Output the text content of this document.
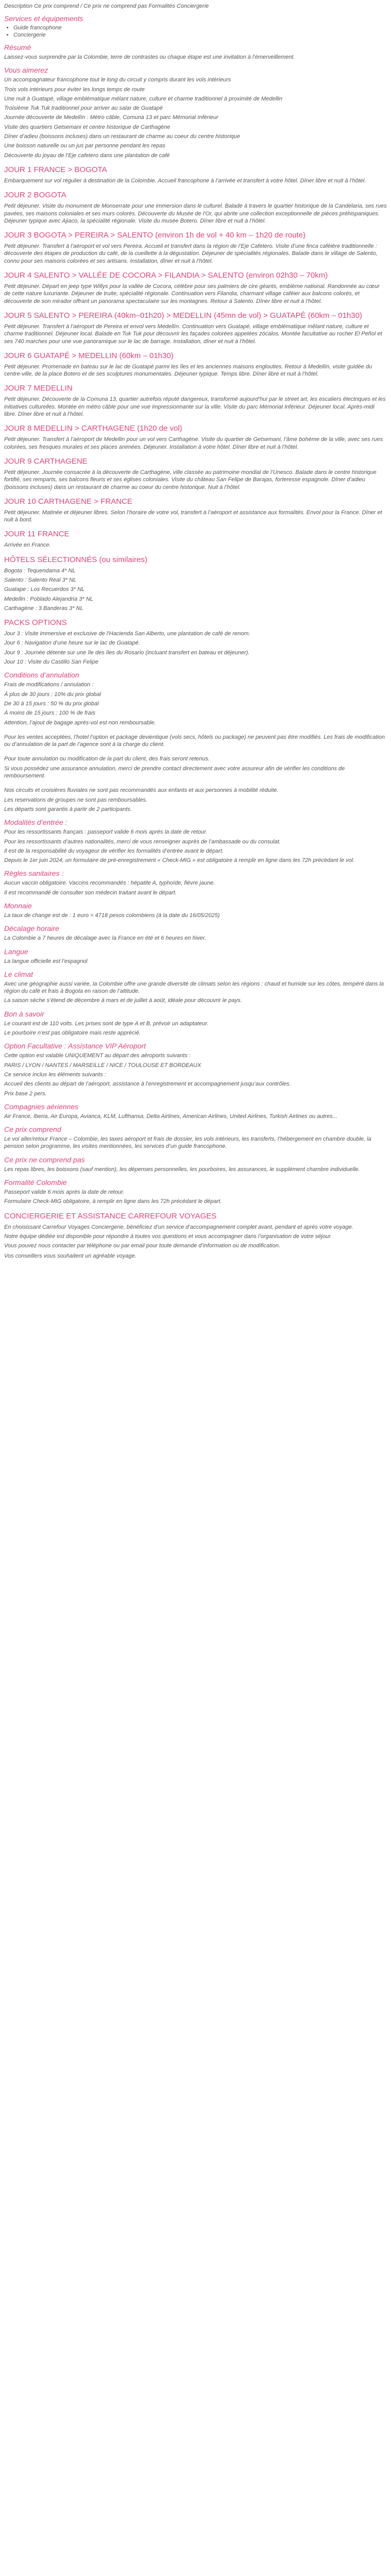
Description Ce prix comprend / Ce prix ne comprend pas Formalités Conciergerie
Services et équipements
• Guide francophone
• Conciergerie
Résumé
Laissez-vous surprendre par la Colombie, terre de contrastes ou chaque étape est une invitation à l’émerveillement.
Vous aimerez
Un accompagnateur francophone tout le long du circuit y compris durant les vols intérieurs
Trois vols intérieurs pour éviter les longs temps de route
Une nuit à Guatapé, village emblématique mélant nature, culture et charme traditionnel à proximité de Medellin
Troisième Tuk Tuk traditionnel pour arriver au salar de Guatapé
Journée découverte de Medellín : Métro câble, Comuna 13 et parc Mémorial Inférieur
Visite des quartiers Getsemani et centre historique de Carthagène
Dîner d’adieu (boissons incluses) dans un restaurant de charme au coeur du centre historique
Une boisson naturelle ou un jus par personne pendant les repas
Découverte du joyau de l’Eje cafetero dans une plantation de café
JOUR 1 FRANCE > BOGOTA
Embarquement sur vol régulier à destination de la Colombie. Accueil francophone à l’arrivée et transfert à votre hôtel. Dîner libre et nuit à l’hôtel.
JOUR 2 BOGOTA
Petit déjeuner. Visite du monument de Monserrate pour une immersion dans le culturel. Balade à travers le quartier historique de la Candelaria, ses rues pavées, ses maisons coloniales et ses murs colorés. Découverte du Musée de l’Or, qui abrite une collection exceptionnelle de pièces préhispaniques. Déjeuner typique avec Ajiaco, la spécialité régionale. Visite du musée Botero. Dîner libre et nuit à l’hôtel.
JOUR 3 BOGOTA > PEREIRA > SALENTO (environ 1h de vol + 40 km – 1h20 de route)
Petit déjeuner. Transfert à l’aéroport et vol vers Pereira. Accueil et transfert dans la région de l’Eje Cafetero. Visite d’une finca caféière traditionnelle : découverte des étapes de production du café, de la cueillette à la dégustation. Déjeuner de spécialités régionales. Balade dans le village de Salento, connu pour ses maisons colorées et ses artisans. Installation, dîner et nuit à l’hôtel.
JOUR 4 SALENTO > VALLÉE DE COCORA > FILANDIA > SALENTO (environ 02h30 – 70km)
Petit déjeuner. Départ en jeep type Willys pour la vallée de Cocora, célèbre pour ses palmiers de cire géants, emblème national. Randonnée au cœur de cette nature luxuriante. Déjeuner de truite, spécialité régionale. Continuation vers Filandia, charmant village caféier aux balcons colorés, et découverte de son mirador offrant un panorama spectaculaire sur les montagnes. Retour à Salento. Dîner libre et nuit à l’hôtel.
JOUR 5 SALENTO > PEREIRA (40km–01h20) > MEDELLIN (45mn de vol) > GUATAPÉ (60km – 01h30)
Petit déjeuner. Transfert à l’aéroport de Pereira et envol vers Medellín. Continuation vers Guatapé, village emblématique mêlant nature, culture et charme traditionnel. Déjeuner local. Balade en Tuk Tuk pour découvrir les façades colorées appelées zócalos. Montée facultative au rocher El Peñol et ses 740 marches pour une vue panoramique sur le lac de barrage. Installation, dîner et nuit à l’hôtel.
JOUR 6 GUATAPÉ > MEDELLIN (60km – 01h30)
Petit déjeuner. Promenade en bateau sur le lac de Guatapé parmi les îles et les anciennes maisons englouties. Retour à Medellín, visite guidée du centre-ville, de la place Botero et de ses sculptures monumentales. Déjeuner typique. Temps libre. Dîner libre et nuit à l’hôtel.
JOUR 7 MEDELLIN
Petit déjeuner. Découverte de la Comuna 13, quartier autrefois réputé dangereux, transformé aujourd’hui par le street art, les escaliers électriques et les initiatives culturelles. Montée en métro câble pour une vue impressionnante sur la ville. Visite du parc Mémorial Inférieur. Déjeuner local. Après-midi libre. Dîner libre et nuit à l’hôtel.
JOUR 8 MEDELLIN > CARTHAGENE (1h20 de vol)
Petit déjeuner. Transfert à l’aéroport de Medellin pour un vol vers Carthagène. Visite du quartier de Getsemani, l’âme bohème de la ville, avec ses rues colorées, ses fresques murales et ses places animées. Déjeuner. Installation à votre hôtel. Dîner libre et nuit à l’hôtel.
JOUR 9 CARTHAGENE
Petit déjeuner. Journée consacrée à la découverte de Carthagène, ville classée au patrimoine mondial de l’Unesco. Balade dans le centre historique fortifié, ses remparts, ses balcons fleuris et ses églises coloniales. Visite du château San Felipe de Barajas, forteresse espagnole. Dîner d’adieu (boissons incluses) dans un restaurant de charme au coeur du centre historique. Nuit à l’hôtel.
JOUR 10 CARTHAGENE > FRANCE
Petit déjeuner. Matinée et déjeuner libres. Selon l’horaire de votre vol, transfert à l’aéroport et assistance aux formalités. Envol pour la France. Dîner et nuit à bord.
JOUR 11 FRANCE
Arrivée en France.
HÔTELS SÉLECTIONNÉS (ou similaires)
Bogota : Tequendama 4* NL
Salento : Salento Real 3* NL
Guatape : Los Recuerdos 3* NL
Medellin : Poblado Alejandria 3* NL
Carthagène : 3 Banderas 3* NL
PACKS OPTIONS
Jour 3 : Visite immersive et exclusive de l’Hacienda San Alberto, une plantation de café de renom.
Jour 6 : Navigation d’une heure sur le lac de Guatapé.
Jour 9 : Journée détente sur une île des îles du Rosario (incluant transfert en bateau et déjeuner).
Jour 10 : Visite du Castillo San Felipe
Conditions d’annulation
Frais de modifications / annulation :
À plus de 30 jours : 10% du prix global
De 30 à 15 jours : 50 % du prix global
À moins de 15 jours : 100 % de frais
Attention, l’ajout de bagage aprés-vol est non remboursable.
Pour les ventes acceptées, l’hotel l’option et package devientique (vols secs, hôtels ou package) ne peuvent pas être modifiés. Les frais de modification ou d’annulation de la part de l’agence sont à la charge du client.
Pour toute annulation ou modification de la part du client, des frais seront retenus.
Si vous possédez une assurance annulation, merci de prendre contact directement avec votre assureur afin de vérifier les conditions de remboursement.
Nos circuits et croisières fluviales ne sont pas recommandés aux enfants et aux personnes à mobilité réduite.
Les reservations de groupes ne sont pas remboursables.
Les départs sont garantis à partir de 2 participants.
Modalités d’entrée :
Pour les ressortissants français : passeport valide 6 mois après la date de retour.
Pour les ressortissants d’autres nationalités, merci de vous renseigner auprès de l’ambassade ou du consulat.
Il est de la responsabilité du voyageur de vérifier les formalités d’entrée avant le départ.
Depuis le 1er juin 2024, un formulaire de pré-enregistrement « Check-MIG » est obligatoire à remplir en ligne dans les 72h précédant le vol.
Règles sanitaires :
Aucun vaccin obligatoire. Vaccins recommandés : hépatite A, typhoïde, fièvre jaune.
Il est recommandé de consulter son médecin traitant avant le départ.
Monnaie
La taux de change est de : 1 euro = 4718 pesos colombiens (à la date du 16/05/2025)
Décalage horaire
La Colombie a 7 heures de décalage avec la France en été et 6 heures en hiver.
Langue
La langue officielle est l’espagnol
Le climat
Avec une géographie aussi variée, la Colombie offre une grande diversité de climats selon les régions : chaud et humide sur les côtes, tempéré dans la région du café et frais à Bogota en raison de l’altitude.
La saison sèche s’étend de décembre à mars et de juillet à août, idéale pour découvrir le pays.
Bon à savoir
Le courant est de 110 volts. Les prises sont de type A et B, prévoir un adaptateur.
Le pourboire n’est pas obligatoire mais reste apprécié.
Option Facultative : Assistance VIP Aéroport
Cette option est valable UNIQUEMENT au départ des aéroports suivants :
PARIS / LYON / NANTES / MARSEILLE / NICE / TOULOUSE ET BORDEAUX
Ce service inclus les éléments suivants :
Accueil des clients au départ de l’aéroport, assistance à l’enregistrement et accompagnement jusqu’aux contrôles.
Prix base 2 pers.
Compagnies aériennes
Air France, Iberia, Air Europa, Avianca, KLM, Lufthansa, Delta Airlines, American Airlines, United Airlines, Turkish Airlines ou autres...
Ce prix comprend
Le vol aller/retour France – Colombie, les taxes aéroport et frais de dossier, les vols intérieurs, les transferts, l’hébergement en chambre double, la pension selon programme, les visites mentionnées, les services d’un guide francophone.
Ce prix ne comprend pas
Les repas libres, les boissons (sauf mention), les dépenses personnelles, les pourboires, les assurances, le supplément chambre individuelle.
Formalité Colombie
Passeport valide 6 mois après la date de retour.
Formulaire Check-MIG obligatoire, à remplir en ligne dans les 72h précédant le départ.
CONCIERGERIE ET ASSISTANCE CARREFOUR VOYAGES
En choisissant Carrefour Voyages Conciergerie, bénéficiez d’un service d’accompagnement complet avant, pendant et après votre voyage.
Notre équipe dédiée est disponible pour répondre à toutes vos questions et vous accompagner dans l’organisation de votre séjour.
Vous pouvez nous contacter par téléphone ou par email pour toute demande d’information ou de modification.
Vos conseillers vous souhaitent un agréable voyage.
